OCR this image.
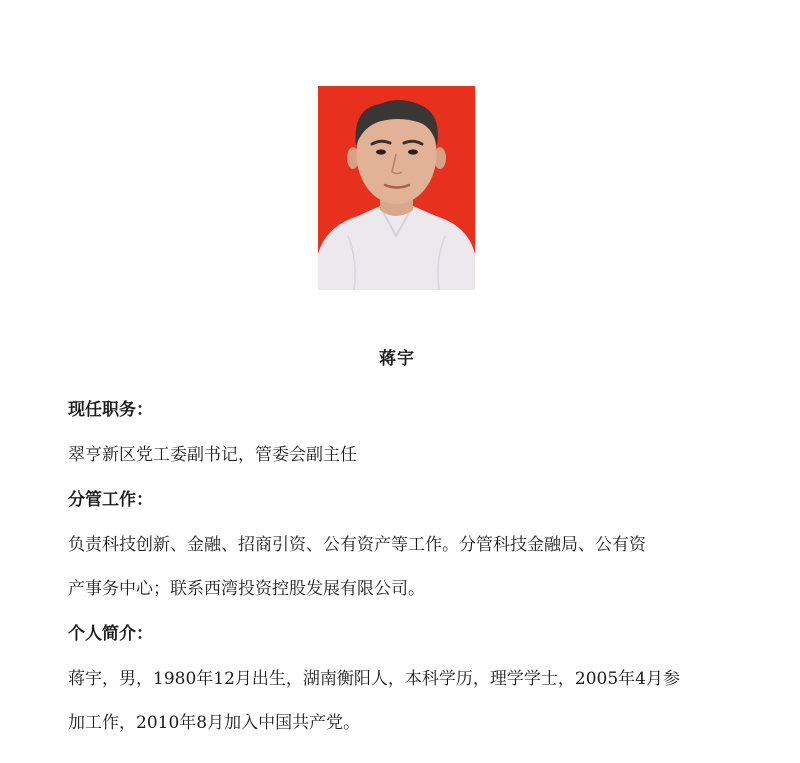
蒋宇
现任职务：
翠亨新区党工委副书记，管委会副主任
分管工作：
负责科技创新、金融、招商引资、公有资产等工作。分管科技金融局、公有资
产事务中心；联系西湾投资控股发展有限公司。
个人简介：
蒋宇，男，1980年12月出生，湖南衡阳人，本科学历，理学学士，2005年4月参
加工作，2010年8月加入中国共产党。
